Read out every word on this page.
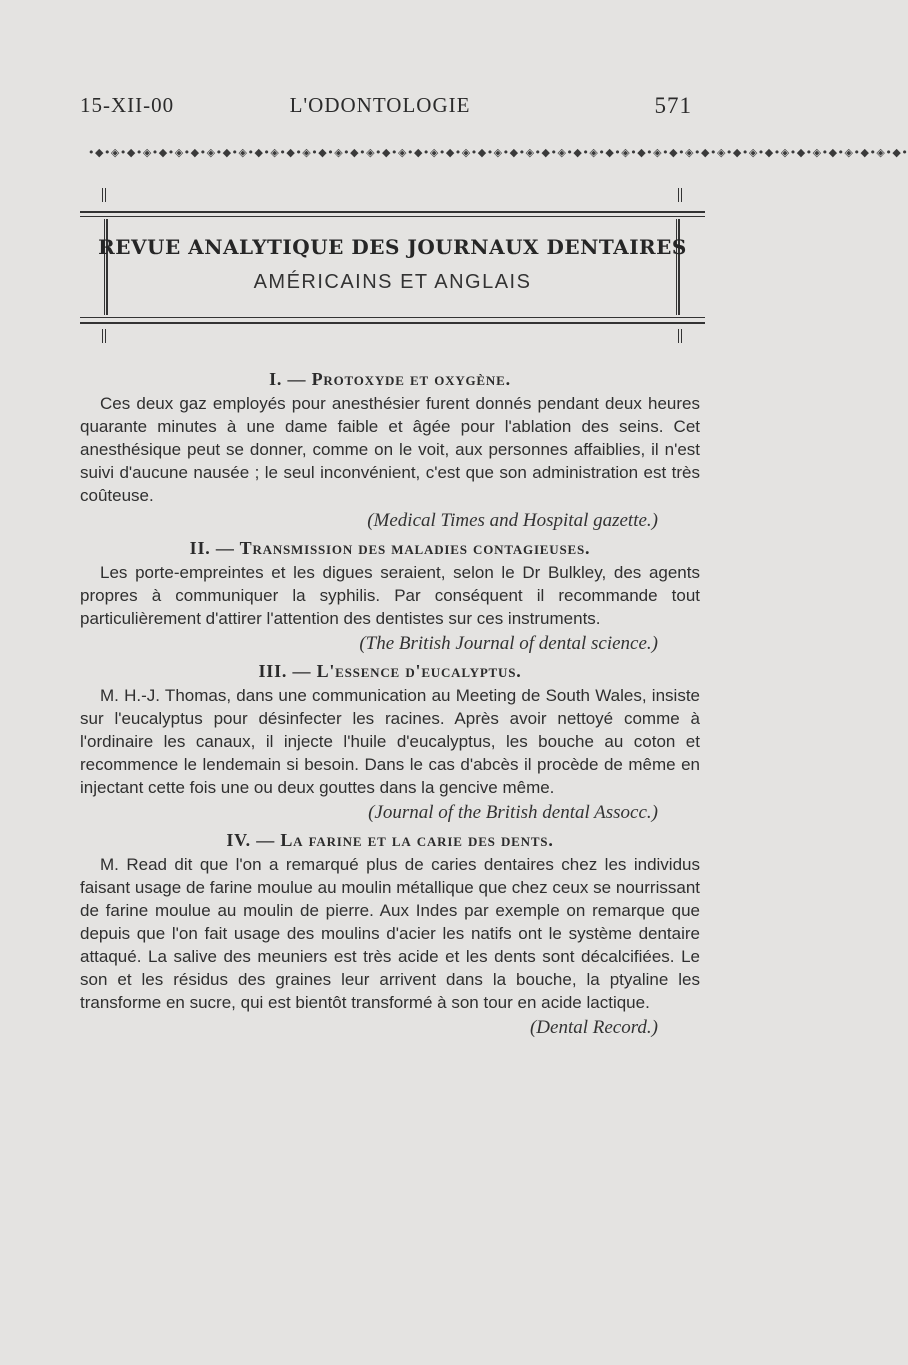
15-XII-00	L'ODONTOLOGIE	571
•◆•◈•◆•◈•◆•◈•◆•◈•◆•◈•◆•◈•◆•◈•◆•◈•◆•◈•◆•◈•◆•◈•◆•◈•◆•◈•◆•◈•◆•◈•◆•◈•◆•◈•◆•◈•◆•◈•◆•◈•◆•◈•◆•◈•◆•◈•◆•◈•◆•◈•◆•
REVUE ANALYTIQUE DES JOURNAUX DENTAIRES
AMÉRICAINS ET ANGLAIS
I. — Protoxyde et oxygène.

Ces deux gaz employés pour anesthésier furent donnés pendant deux heures quarante minutes à une dame faible et âgée pour l'ablation des seins. Cet anesthésique peut se donner, comme on le voit, aux personnes affaiblies, il n'est suivi d'aucune nausée ; le seul inconvénient, c'est que son administration est très coûteuse.

(Medical Times and Hospital gazette.)

II. — Transmission des maladies contagieuses.

Les porte-empreintes et les digues seraient, selon le Dr Bulkley, des agents propres à communiquer la syphilis. Par conséquent il recommande tout particulièrement d'attirer l'attention des dentistes sur ces instruments.

(The British Journal of dental science.)

III. — L'essence d'eucalyptus.

M. H.-J. Thomas, dans une communication au Meeting de South Wales, insiste sur l'eucalyptus pour désinfecter les racines. Après avoir nettoyé comme à l'ordinaire les canaux, il injecte l'huile d'eucalyptus, les bouche au coton et recommence le lendemain si besoin. Dans le cas d'abcès il procède de même en injectant cette fois une ou deux gouttes dans la gencive même.

(Journal of the British dental Assocc.)

IV. — La farine et la carie des dents.

M. Read dit que l'on a remarqué plus de caries dentaires chez les individus faisant usage de farine moulue au moulin métallique que chez ceux se nourrissant de farine moulue au moulin de pierre. Aux Indes par exemple on remarque que depuis que l'on fait usage des moulins d'acier les natifs ont le système dentaire attaqué. La salive des meuniers est très acide et les dents sont décalcifiées. Le son et les résidus des graines leur arrivent dans la bouche, la ptyaline les transforme en sucre, qui est bientôt transformé à son tour en acide lactique.

(Dental Record.)
